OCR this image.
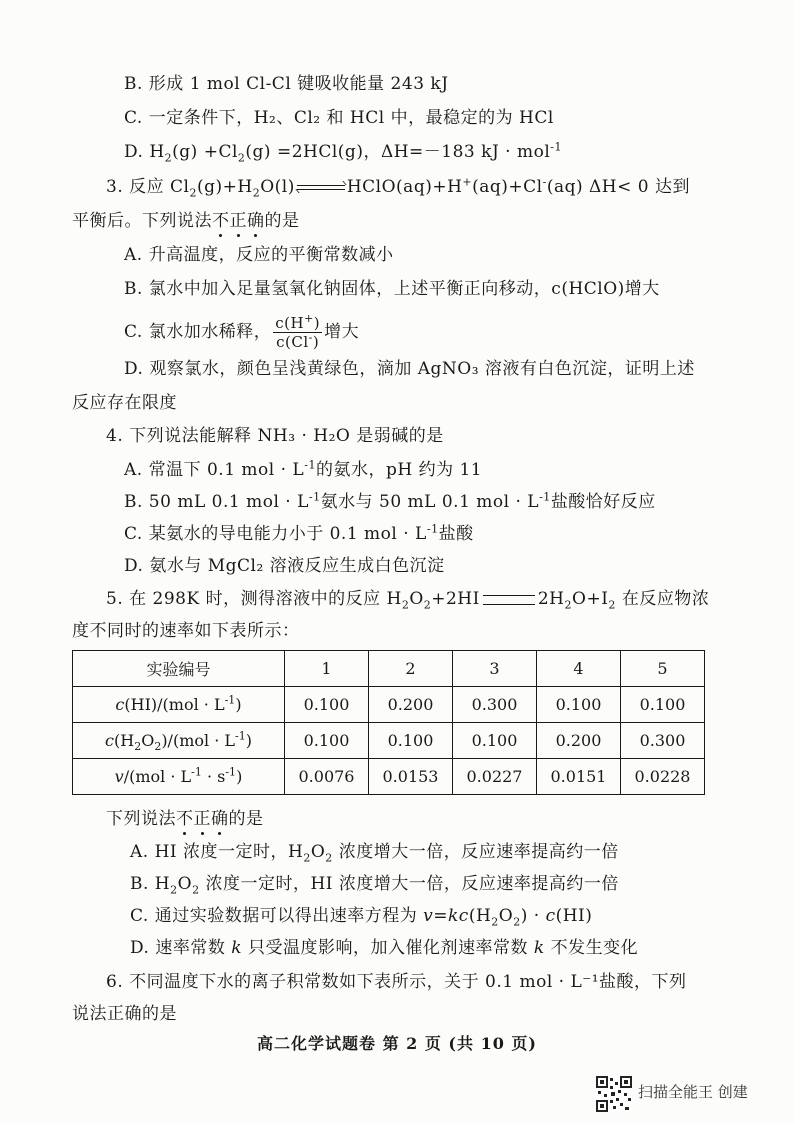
B. 形成 1 mol Cl-Cl 键吸收能量 243 kJ
C. 一定条件下，H₂、Cl₂ 和 HCl 中，最稳定的为 HCl
D. $H_2(g) +Cl_2(g) =2HCl(g)$，ΔH=－183 kJ · mol$^{-1}$
3. 反应 $Cl_2(g)+H_2O(l)$	HClO(aq)+H+(aq)+Cl-(aq) ΔH< 0 达到
平衡后。下列说法不正确的是
A. 升高温度，反应的平衡常数减小
B. 氯水中加入足量氢氧化钠固体，上述平衡正向移动，c(HClO)增大
C. 氯水加水稀释， $\frac{c(H^+)}{c(Cl^-)}$ 增大
D. 观察氯水，颜色呈浅黄绿色，滴加 AgNO₃ 溶液有白色沉淀，证明上述
反应存在限度
4. 下列说法能解释 NH₃ · H₂O 是弱碱的是
A. 常温下 0.1 mol · $L^{-1}$的氨水，pH 约为 11
B. 50 mL 0.1 mol · $L^{-1}$氨水与 50 mL 0.1 mol · $L^{-1}$盐酸恰好反应
C. 某氨水的导电能力小于 0.1 mol · $L^{-1}$盐酸
D. 氨水与 MgCl₂ 溶液反应生成白色沉淀
5. 在 298K 时，测得溶液中的反应 $H_2O_2+2HI$	$2H_2O+I_2$ 在反应物浓
度不同时的速率如下表所示：
实验编号	1	2	3	4	5
$c(HI)/(mol \cdot L^{-1})$	0.100	0.200	0.300	0.100	0.100
$c(H_2O_2)/(mol \cdot L^{-1})$	0.100	0.100	0.100	0.200	0.300
$v/(mol \cdot L^{-1} \cdot s^{-1})$	0.0076	0.0153	0.0227	0.0151	0.0228
下列说法不正确的是
A. HI 浓度一定时，$H_2O_2$ 浓度增大一倍，反应速率提高约一倍
B. $H_2O_2$ 浓度一定时，HI 浓度增大一倍，反应速率提高约一倍
C. 通过实验数据可以得出速率方程为 $v=kc(H_2O_2) \cdot c(HI)$
D. 速率常数 k 只受温度影响，加入催化剂速率常数 k 不发生变化
6. 不同温度下水的离子积常数如下表所示，关于 0.1 mol · L⁻¹盐酸，下列
说法正确的是
高二化学试题卷 第 2 页 (共 10 页)
扫描全能王 创建
